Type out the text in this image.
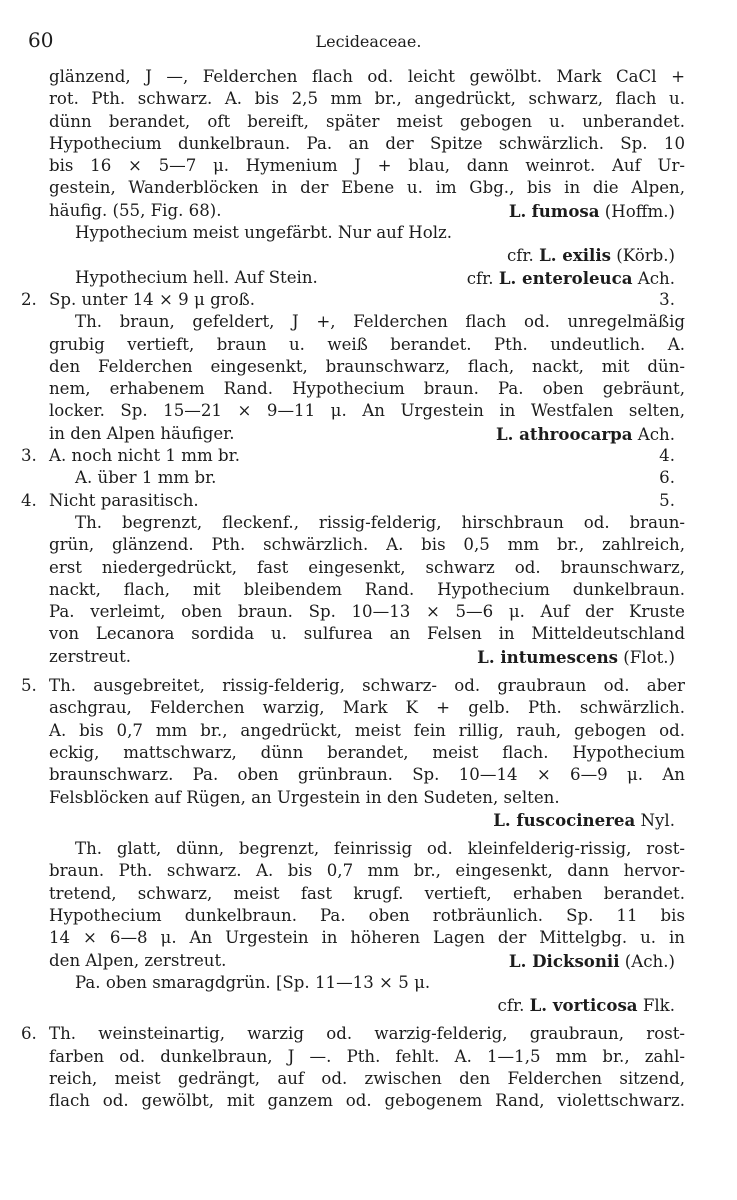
60	Lecideaceae.
glänzend, J —, Felderchen flach od. leicht gewölbt. Mark CaCl +
rot. Pth. schwarz. A. bis 2,5 mm br., angedrückt, schwarz, flach u.
dünn berandet, oft bereift, später meist gebogen u. unberandet.
Hypothecium dunkelbraun. Pa. an der Spitze schwärzlich. Sp. 10
bis 16 × 5—7 μ. Hymenium J + blau, dann weinrot. Auf Ur-
gestein, Wanderblöcken in der Ebene u. im Gbg., bis in die Alpen,
häufig. (55, Fig. 68).	L. fumosa (Hoffm.)
Hypothecium meist ungefärbt. Nur auf Holz.
cfr. L. exilis (Körb.)
Hypothecium hell. Auf Stein.	cfr. L. enteroleuca Ach.
2. Sp. unter 14 × 9 μ groß.	3.
Th. braun, gefeldert, J +, Felderchen flach od. unregelmäßig
grubig vertieft, braun u. weiß berandet. Pth. undeutlich. A.
den Felderchen eingesenkt, braunschwarz, flach, nackt, mit dün-
nem, erhabenem Rand. Hypothecium braun. Pa. oben gebräunt,
locker. Sp. 15—21 × 9—11 μ. An Urgestein in Westfalen selten,
in den Alpen häufiger.	L. athroocarpa Ach.
3. A. noch nicht 1 mm br.	4.
A. über 1 mm br.	6.
4. Nicht parasitisch.	5.
Th. begrenzt, fleckenf., rissig-felderig, hirschbraun od. braun-
grün, glänzend. Pth. schwärzlich. A. bis 0,5 mm br., zahlreich,
erst niedergedrückt, fast eingesenkt, schwarz od. braunschwarz,
nackt, flach, mit bleibendem Rand. Hypothecium dunkelbraun.
Pa. verleimt, oben braun. Sp. 10—13 × 5—6 μ. Auf der Kruste
von Lecanora sordida u. sulfurea an Felsen in Mitteldeutschland
zerstreut.	L. intumescens (Flot.)
5. Th. ausgebreitet, rissig-felderig, schwarz- od. graubraun od. aber
aschgrau, Felderchen warzig, Mark K + gelb. Pth. schwärzlich.
A. bis 0,7 mm br., angedrückt, meist fein rillig, rauh, gebogen od.
eckig, mattschwarz, dünn berandet, meist flach. Hypothecium
braunschwarz. Pa. oben grünbraun. Sp. 10—14 × 6—9 μ. An
Felsblöcken auf Rügen, an Urgestein in den Sudeten, selten.
L. fuscocinerea Nyl.
Th. glatt, dünn, begrenzt, feinrissig od. kleinfelderig-rissig, rost-
braun. Pth. schwarz. A. bis 0,7 mm br., eingesenkt, dann hervor-
tretend, schwarz, meist fast krugf. vertieft, erhaben berandet.
Hypothecium dunkelbraun. Pa. oben rotbräunlich. Sp. 11 bis
14 × 6—8 μ. An Urgestein in höheren Lagen der Mittelgbg. u. in
den Alpen, zerstreut.	L. Dicksonii (Ach.)
Pa. oben smaragdgrün. [Sp. 11—13 × 5 μ.
cfr. L. vorticosa Flk.
6. Th. weinsteinartig, warzig od. warzig-felderig, graubraun, rost-
farben od. dunkelbraun, J —. Pth. fehlt. A. 1—1,5 mm br., zahl-
reich, meist gedrängt, auf od. zwischen den Felderchen sitzend,
flach od. gewölbt, mit ganzem od. gebogenem Rand, violettschwarz.
